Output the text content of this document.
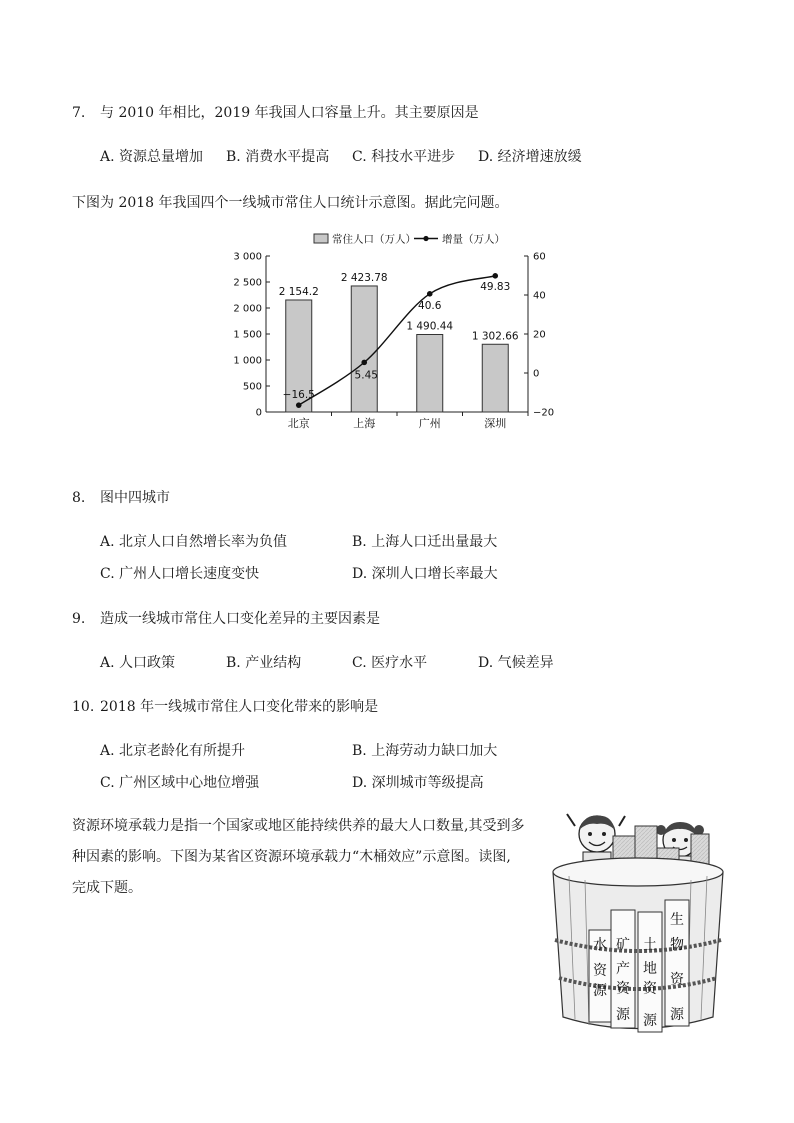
7. 与 2010 年相比，2019 年我国人口容量上升。其主要原因是
A. 资源总量增加 B. 消费水平提高 C. 科技水平进步 D. 经济增速放缓
下图为 2018 年我国四个一线城市常住人口统计示意图。据此完问题。
0
500
1 000
1 500
2 000
2 500
3 000
−20
0
20
40
60
2 154.2
2 423.78
1 490.44
1 302.66
北京	上海	广州	深圳
−16.5
5.45
40.6
49.83
常住人口（万人） 增量（万人）
8. 图中四城市
A. 北京人口自然增长率为负值	B. 上海人口迁出量最大
C. 广州人口增长速度变快	D. 深圳人口增长率最大
9. 造成一线城市常住人口变化差异的主要因素是
A. 人口政策	B. 产业结构	C. 医疗水平	D. 气候差异
10. 2018 年一线城市常住人口变化带来的影响是
A. 北京老龄化有所提升	B. 上海劳动力缺口加大
C. 广州区域中心地位增强	D. 深圳城市等级提高
资源环境承载力是指一个国家或地区能持续供养的最大人口数量,其受到多
种因素的影响。下图为某省区资源环境承载力“木桶效应”示意图。读图,
完成下题。
水
资
源
矿
产
资
源
土
地
资
源
生
物
资
源
